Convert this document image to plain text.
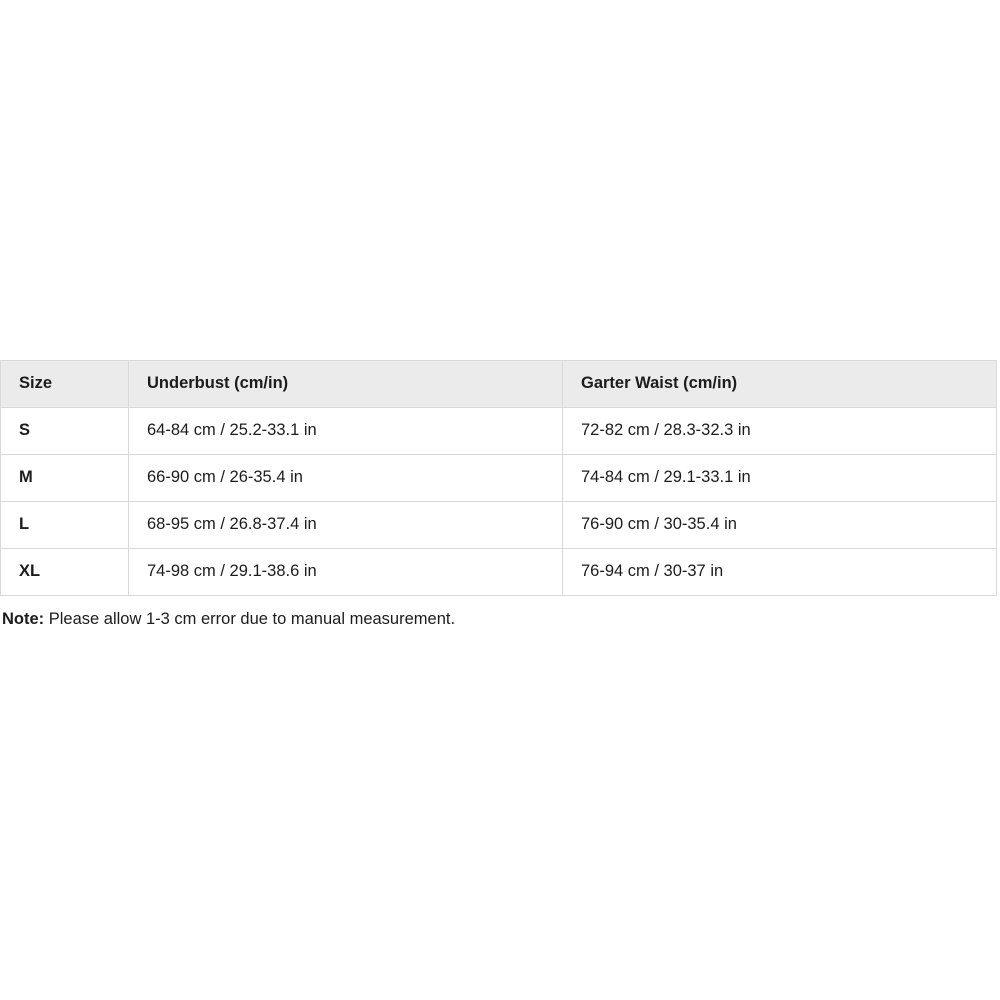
Size	Underbust (cm/in)	Garter Waist (cm/in)
S	64-84 cm / 25.2-33.1 in	72-82 cm / 28.3-32.3 in
M	66-90 cm / 26-35.4 in	74-84 cm / 29.1-33.1 in
L	68-95 cm / 26.8-37.4 in	76-90 cm / 30-35.4 in
XL	74-98 cm / 29.1-38.6 in	76-94 cm / 30-37 in
Note: Please allow 1-3 cm error due to manual measurement.
